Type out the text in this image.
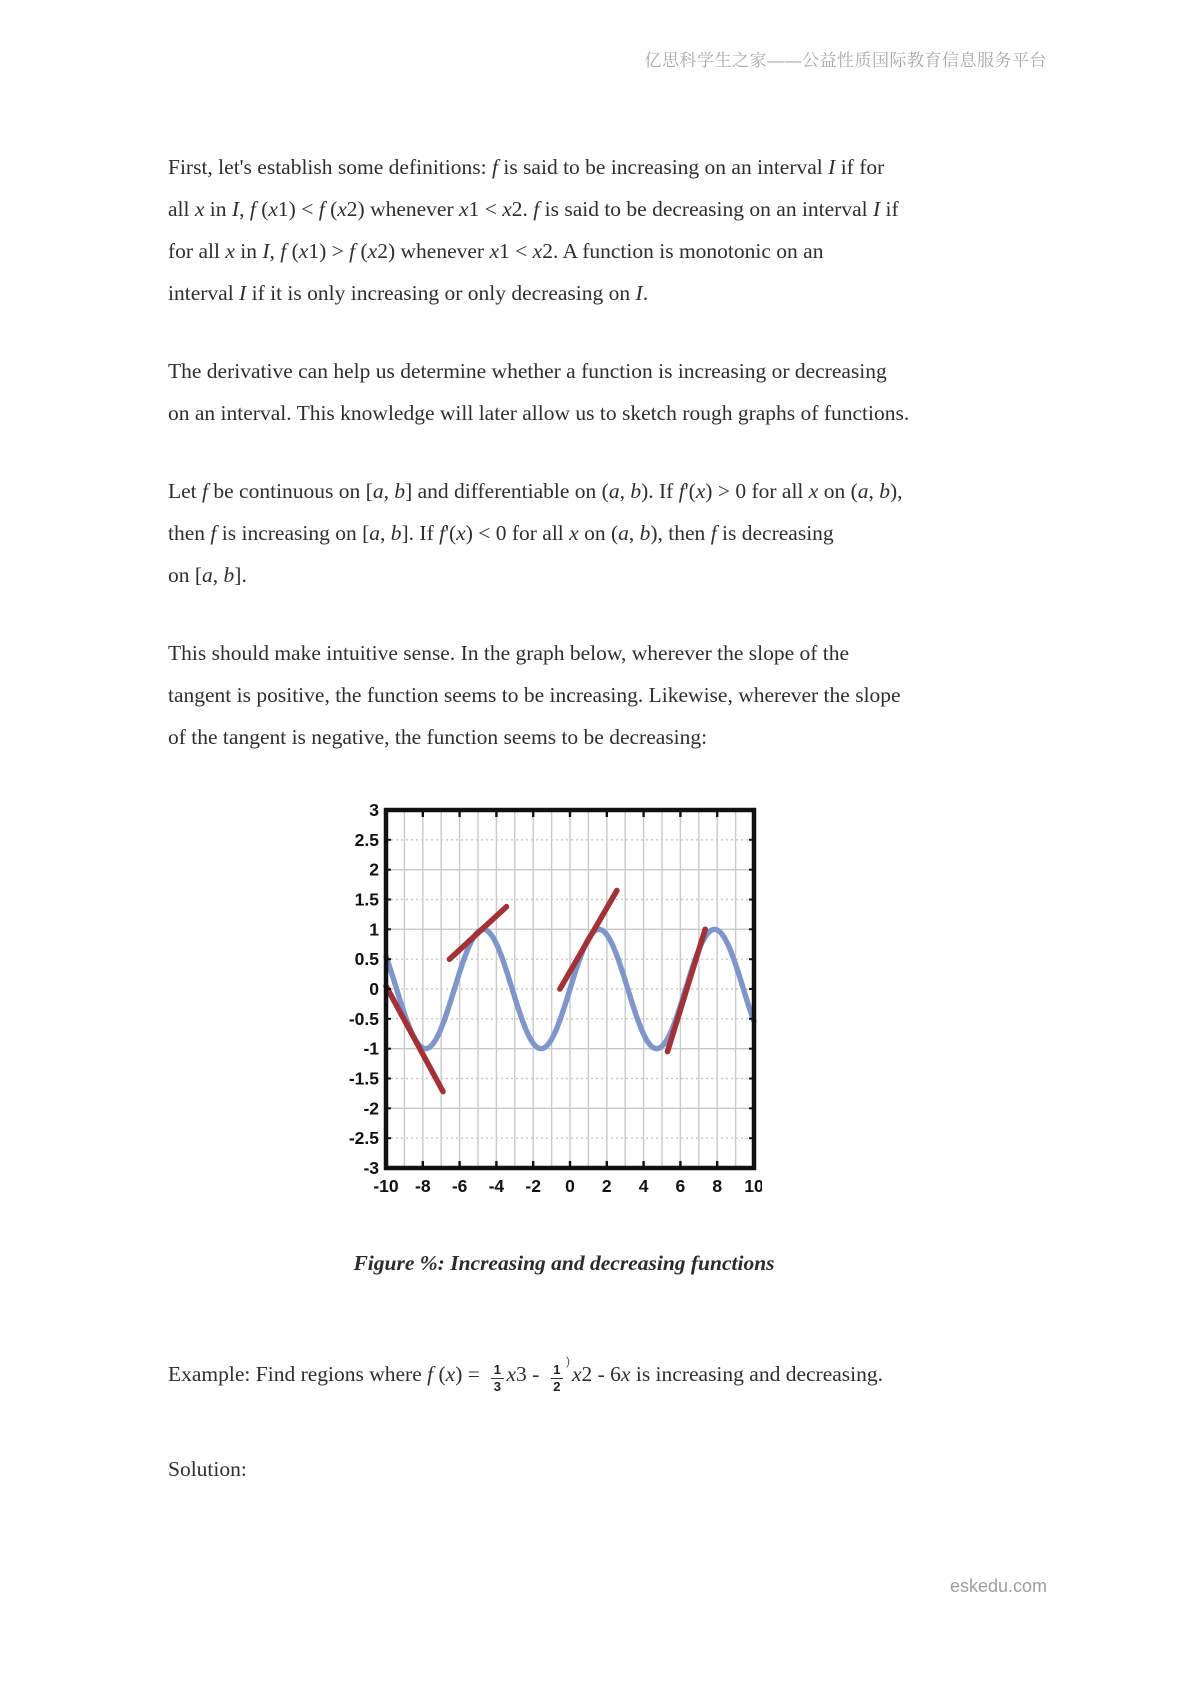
亿思科学生之家——公益性质国际教育信息服务平台
First, let's establish some definitions: f is said to be increasing on an interval I if for
all x in I, f (x1) < f (x2) whenever x1 < x2. f is said to be decreasing on an interval I if
for all x in I, f (x1) > f (x2) whenever x1 < x2. A function is monotonic on an
interval I if it is only increasing or only decreasing on I.
The derivative can help us determine whether a function is increasing or decreasing
on an interval. This knowledge will later allow us to sketch rough graphs of functions.
Let f be continuous on [a, b] and differentiable on (a, b). If f'(x) > 0 for all x on (a, b),
then f is increasing on [a, b]. If f'(x) < 0 for all x on (a, b), then f is decreasing
on [a, b].
This should make intuitive sense. In the graph below, wherever the slope of the
tangent is positive, the function seems to be increasing. Likewise, wherever the slope
of the tangent is negative, the function seems to be decreasing:
3
2.5
2
1.5
1
0.5
0
-0.5
-1
-1.5
-2
-2.5
-3
-10 -8 -6 -4 -2 0 2 4 6 8 10
Figure %: Increasing and decreasing functions
Example: Find regions where f $(x) = \frac{1}{3} x3 - \frac{1}{2}$
)x2 - 6x is increasing and decreasing.
Solution:
eskedu.com
